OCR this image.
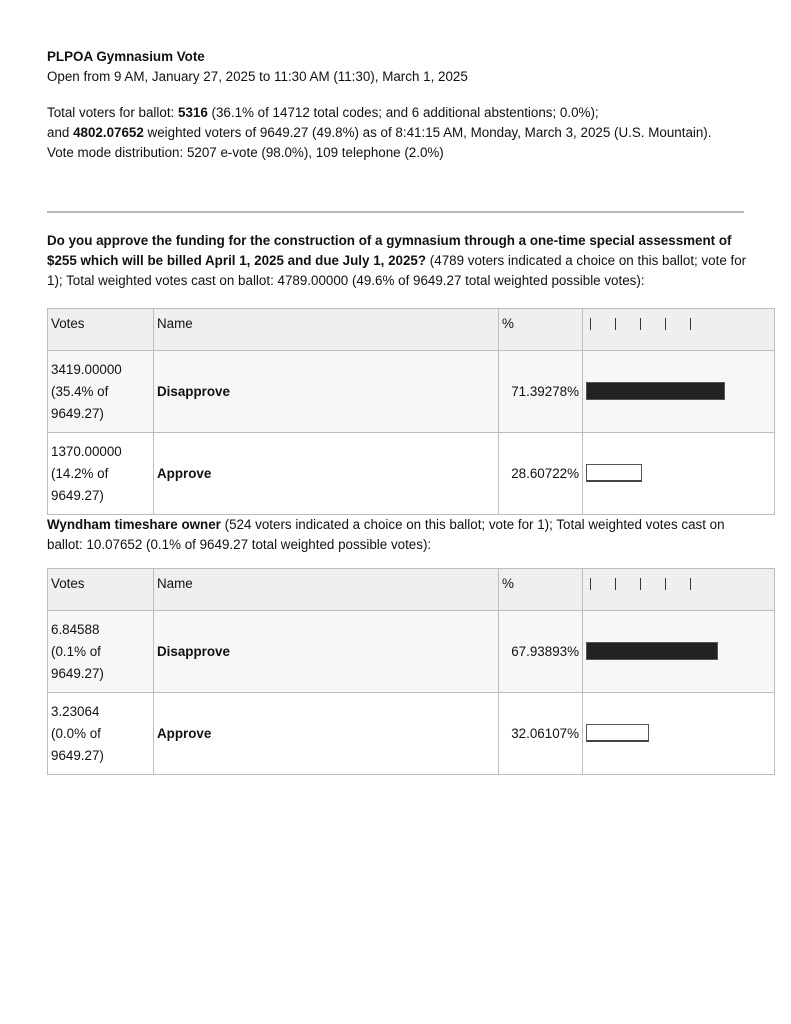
PLPOA Gymnasium Vote
Open from 9 AM, January 27, 2025 to 11:30 AM (11:30), March 1, 2025
Total voters for ballot: 5316 (36.1% of 14712 total codes; and 6 additional abstentions; 0.0%);
and 4802.07652 weighted voters of 9649.27 (49.8%) as of 8:41:15 AM, Monday, March 3, 2025 (U.S. Mountain).
Vote mode distribution: 5207 e-vote (98.0%), 109 telephone (2.0%)
Do you approve the funding for the construction of a gymnasium through a one-time special assessment of $255 which will be billed April 1, 2025 and due July 1, 2025? (4789 voters indicated a choice on this ballot; vote for 1); Total weighted votes cast on ballot: 4789.00000 (49.6% of 9649.27 total weighted possible votes):
Votes	Name	%	

3419.00000
(35.4% of
9649.27)	Disapprove	71.39278%	

1370.00000
(14.2% of
9649.27)	Approve	28.60722%	
Wyndham timeshare owner (524 voters indicated a choice on this ballot; vote for 1); Total weighted votes cast on ballot: 10.07652 (0.1% of 9649.27 total weighted possible votes):
Votes	Name	%	

6.84588
(0.1% of
9649.27)	Disapprove	67.93893%	

3.23064
(0.0% of
9649.27)	Approve	32.06107%	
